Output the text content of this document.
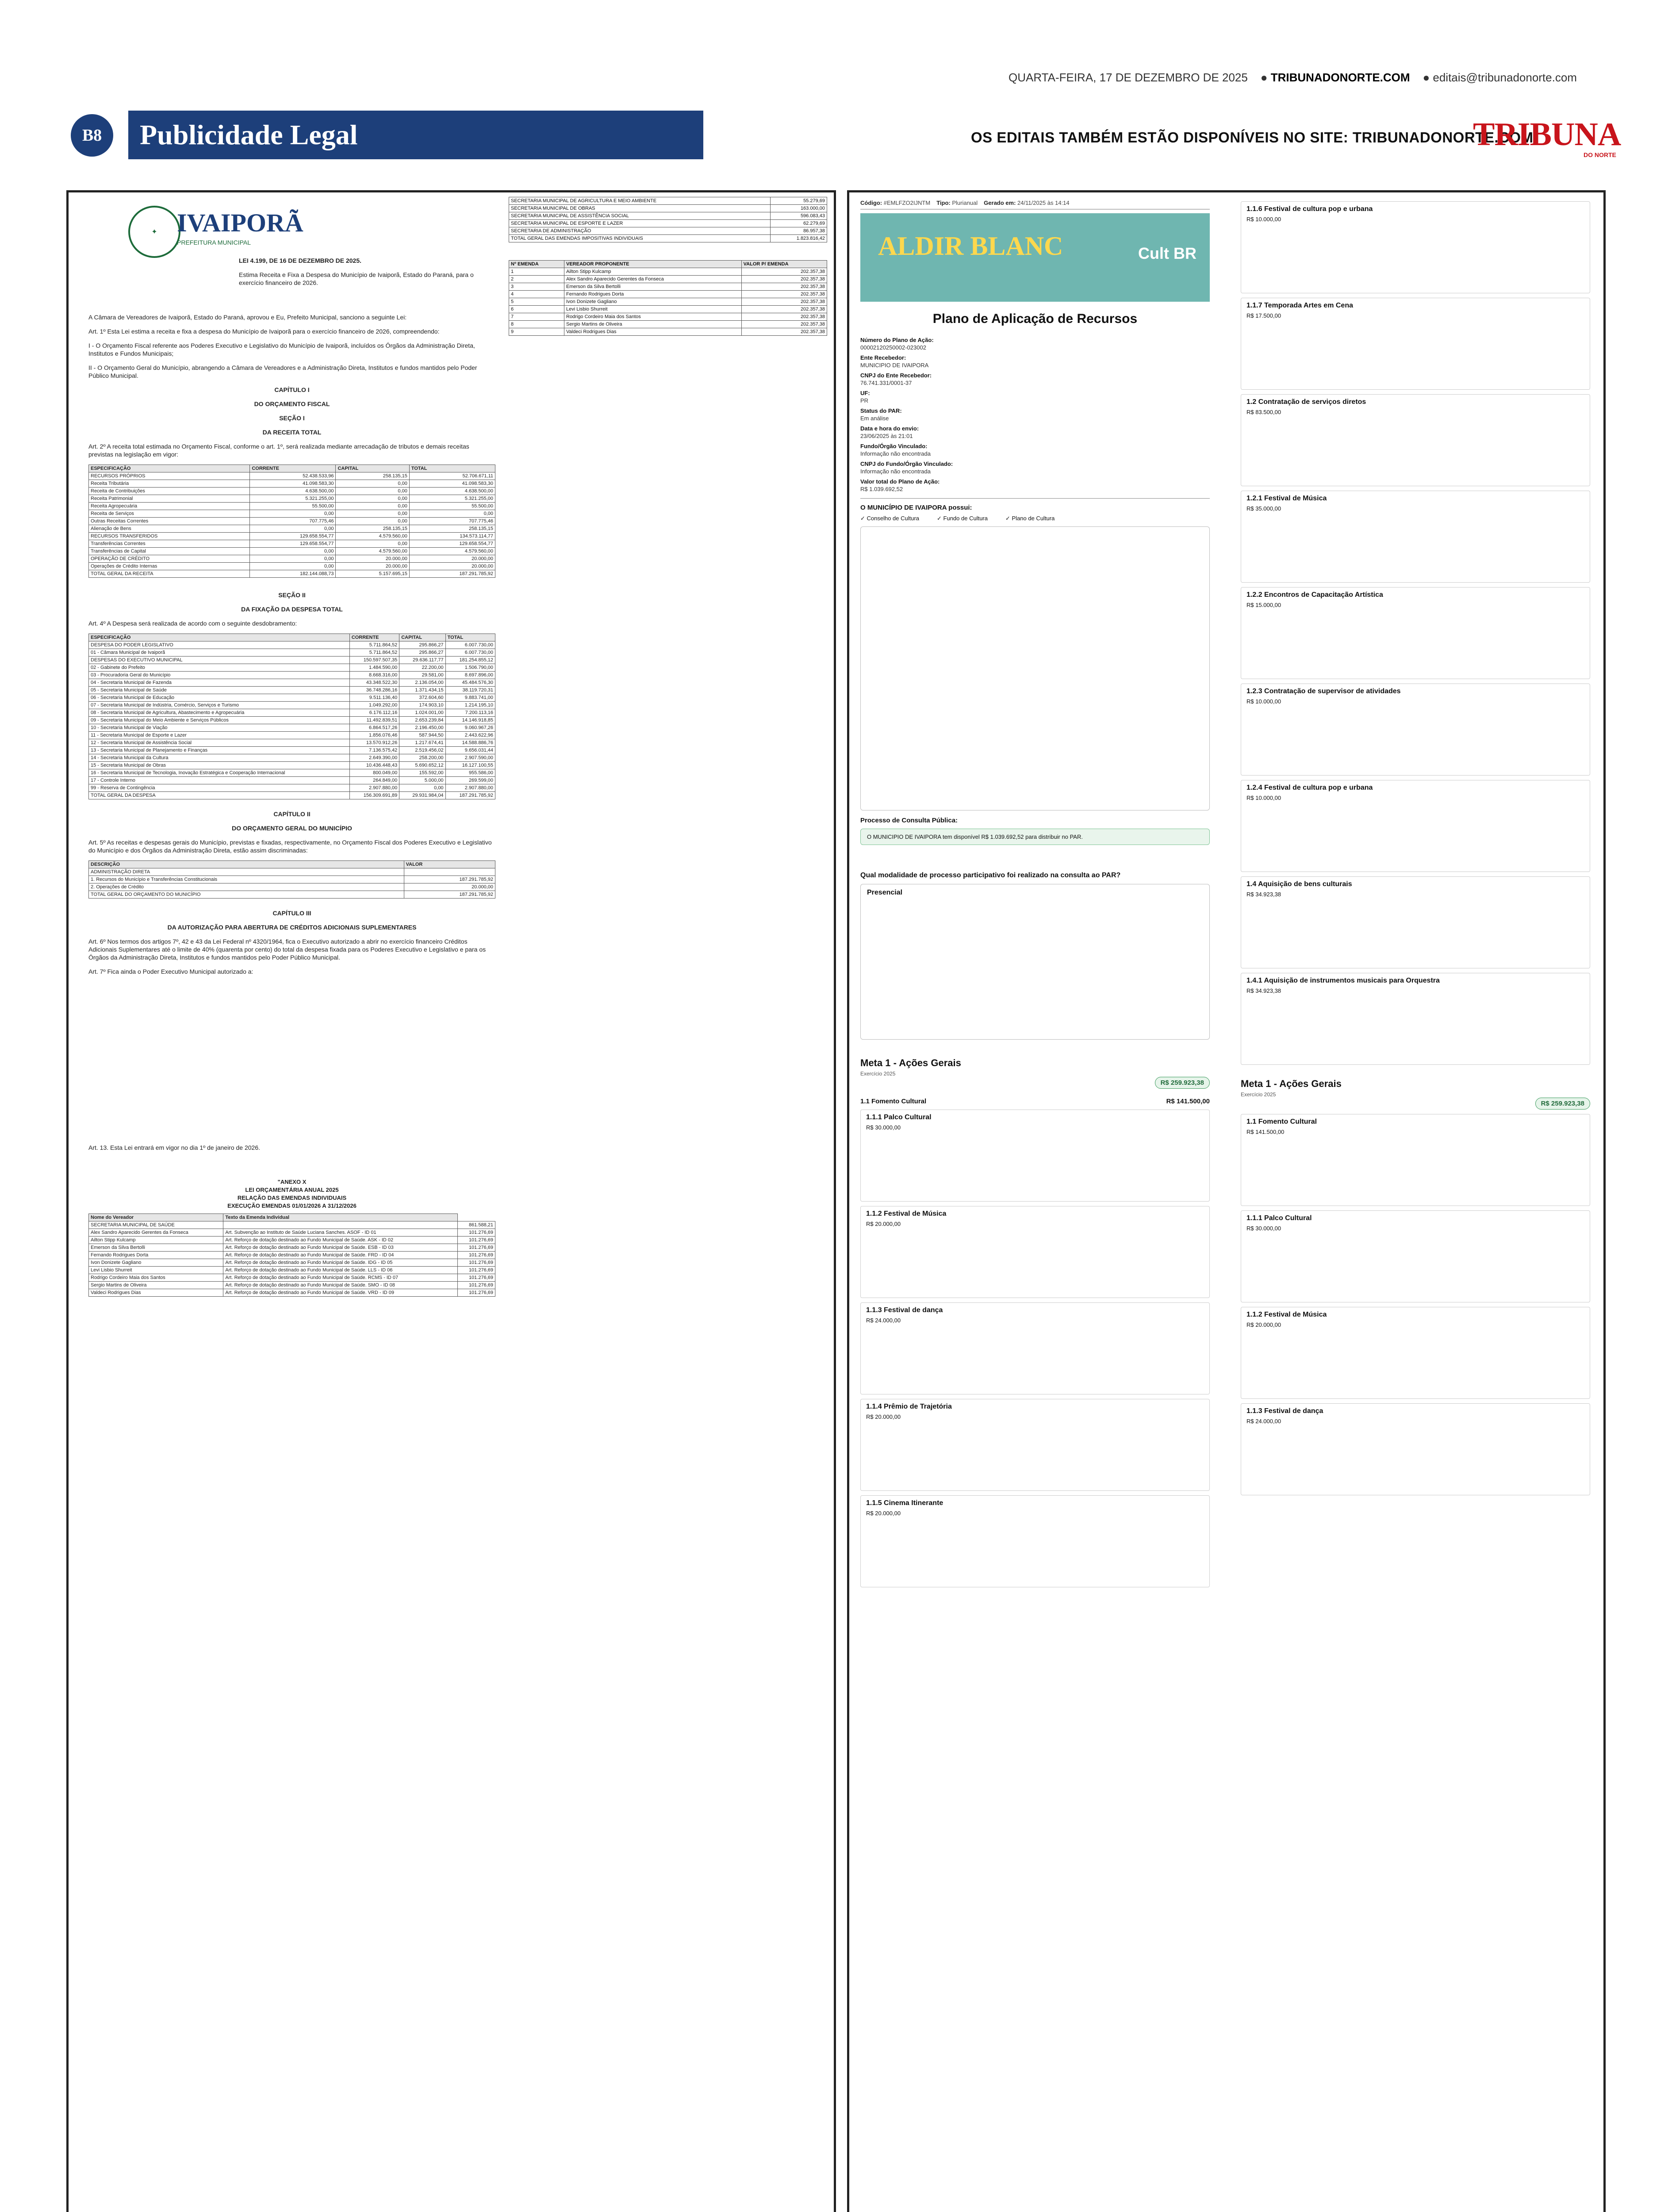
QUARTA-FEIRA, 17 DE DEZEMBRO DE 2025    ● TRIBUNADONORTE.COM    ● editais@tribunadonorte.com
B8	Publicidade Legal	OS EDITAIS TAMBÉM ESTÃO DISPONÍVEIS NO SITE: TRIBUNADONORTE.COM
TRIBUNA
DO NORTE
✦ IVAIPORÃ
PREFEITURA MUNICIPAL

LEI 4.199, DE 16 DE DEZEMBRO DE 2025.

Estima Receita e Fixa a Despesa do Município de Ivaiporã, Estado do Paraná, para o exercício financeiro de 2026.

A Câmara de Vereadores de Ivaiporã, Estado do Paraná, aprovou e Eu, Prefeito Municipal, sanciono a seguinte Lei:

Art. 1º Esta Lei estima a receita e fixa a despesa do Município de Ivaiporã para o exercício financeiro de 2026, compreendendo:

I - O Orçamento Fiscal referente aos Poderes Executivo e Legislativo do Município de Ivaiporã, incluídos os Órgãos da Administração Direta, Institutos e Fundos Municipais;

II - O Orçamento Geral do Município, abrangendo a Câmara de Vereadores e a Administração Direta, Institutos e fundos mantidos pelo Poder Público Municipal.

CAPÍTULO I

DO ORÇAMENTO FISCAL

SEÇÃO I

DA RECEITA TOTAL

Art. 2º A receita total estimada no Orçamento Fiscal, conforme o art. 1º, será realizada mediante arrecadação de tributos e demais receitas previstas na legislação em vigor:

ESPECIFICAÇÃO	CORRENTE	CAPITAL	TOTAL
RECURSOS PRÓPRIOS	52.438.533,96	258.135,15	52.706.671,11
Receita Tributária	41.098.583,30	0,00	41.098.583,30
Receita de Contribuições	4.638.500,00	0,00	4.638.500,00
Receita Patrimonial	5.321.255,00	0,00	5.321.255,00
Receita Agropecuária	55.500,00	0,00	55.500,00
Receita de Serviços	0,00	0,00	0,00
Outras Receitas Correntes	707.775,46	0,00	707.775,46
Alienação de Bens	0,00	258.135,15	258.135,15
RECURSOS TRANSFERIDOS	129.658.554,77	4.579.560,00	134.573.114,77
Transferências Correntes	129.658.554,77	0,00	129.658.554,77
Transferências de Capital	0,00	4.579.560,00	4.579.560,00
OPERAÇÃO DE CRÉDITO	0,00	20.000,00	20.000,00
Operações de Crédito Internas	0,00	20.000,00	20.000,00
TOTAL GERAL DA RECEITA	182.144.088,73	5.157.695,15	187.291.785,92

SEÇÃO II

DA FIXAÇÃO DA DESPESA TOTAL

Art. 4º A Despesa será realizada de acordo com o seguinte desdobramento:

ESPECIFICAÇÃO	CORRENTE	CAPITAL	TOTAL
DESPESA DO PODER LEGISLATIVO	5.711.864,52	295.866,27	6.007.730,00
01 - Câmara Municipal de Ivaiporã	5.711.864,52	295.866,27	6.007.730,00
DESPESAS DO EXECUTIVO MUNICIPAL	150.597.507,35	29.636.117,77	181.254.855,12
02 - Gabinete do Prefeito	1.484.590,00	22.200,00	1.506.790,00
03 - Procuradoria Geral do Município	8.668.316,00	29.581,00	8.697.896,00
04 - Secretaria Municipal de Fazenda	43.348.522,30	2.136.054,00	45.484.576,30
05 - Secretaria Municipal de Saúde	36.748.286,16	1.371.434,15	38.119.720,31
06 - Secretaria Municipal de Educação	9.511.136,40	372.604,60	9.883.741,00
07 - Secretaria Municipal de Indústria, Comércio, Serviços e Turismo	1.049.292,00	174.903,10	1.214.195,10
08 - Secretaria Municipal de Agricultura, Abastecimento e Agropecuária	6.176.112,16	1.024.001,00	7.200.113,16
09 - Secretaria Municipal do Meio Ambiente e Serviços Públicos	11.492.839,51	2.653.239,84	14.146.918,85
10 - Secretaria Municipal de Viação	6.864.517,26	2.196.450,00	9.060.967,26
11 - Secretaria Municipal de Esporte e Lazer	1.856.076,46	587.944,50	2.443.622,96
12 - Secretaria Municipal de Assistência Social	13.570.912,26	1.217.674,41	14.588.886,76
13 - Secretaria Municipal de Planejamento e Finanças	7.136.575,42	2.519.456,02	9.656.031,44
14 - Secretaria Municipal da Cultura	2.649.390,00	258.200,00	2.907.590,00
15 - Secretaria Municipal de Obras	10.436.448,43	5.690.652,12	16.127.100,55
16 - Secretaria Municipal de Tecnologia, Inovação Estratégica e Cooperação Internacional	800.049,00	155.592,00	955.586,00
17 - Controle Interno	264.849,00	5.000,00	269.599,00
99 - Reserva de Contingência	2.907.880,00	0,00	2.907.880,00
TOTAL GERAL DA DESPESA	156.309.691,89	29.931.984,04	187.291.785,92

CAPÍTULO II

DO ORÇAMENTO GERAL DO MUNICÍPIO

Art. 5º As receitas e despesas gerais do Município, previstas e fixadas, respectivamente, no Orçamento Fiscal dos Poderes Executivo e Legislativo do Município e dos Órgãos da Administração Direta, estão assim discriminadas:

DESCRIÇÃO	VALOR
ADMINISTRAÇÃO DIRETA	
1. Recursos do Município e Transferências Constitucionais	187.291.785,92
2. Operações de Crédito	20.000,00
TOTAL GERAL DO ORÇAMENTO DO MUNICÍPIO	187.291.785,92

CAPÍTULO III

DA AUTORIZAÇÃO PARA ABERTURA DE CRÉDITOS ADICIONAIS SUPLEMENTARES

Art. 6º Nos termos dos artigos 7º, 42 e 43 da Lei Federal nº 4320/1964, fica o Executivo autorizado a abrir no exercício financeiro Créditos Adicionais Suplementares até o limite de 40% (quarenta por cento) do total da despesa fixada para os Poderes Executivo e Legislativo e para os Órgãos da Administração Direta, Institutos e fundos mantidos pelo Poder Público Municipal.

Art. 7º Fica ainda o Poder Executivo Municipal autorizado a:

Art. 13. Esta Lei entrará em vigor no dia 1º de janeiro de 2026.

"ANEXO X
LEI ORÇAMENTÁRIA ANUAL 2025
RELAÇÃO DAS EMENDAS INDIVIDUAIS
EXECUÇÃO EMENDAS 01/01/2026 A 31/12/2026
Nome do Vereador	Texto da Emenda Individual	
SECRETARIA MUNICIPAL DE SAÚDE		861.588,21
Alex Sandro Aparecido Gerentes da Fonseca	Art. Subvenção ao Instituto de Saúde Luciana Sanches. ASOF - ID 01	101.276,69
Ailton Stipp Kulcamp	Art. Reforço de dotação destinado ao Fundo Municipal de Saúde. ASK - ID 02	101.276,69
Emerson da Silva Bertolli	Art. Reforço de dotação destinado ao Fundo Municipal de Saúde. ESB - ID 03	101.276,69
Fernando Rodrigues Dorta	Art. Reforço de dotação destinado ao Fundo Municipal de Saúde. FRD - ID 04	101.276,69
Ivon Donizete Gagliano	Art. Reforço de dotação destinado ao Fundo Municipal de Saúde. IDG - ID 05	101.276,69
Levi Lisbio Shurreit	Art. Reforço de dotação destinado ao Fundo Municipal de Saúde. LLS - ID 06	101.276,69
Rodrigo Cordeiro Maia dos Santos	Art. Reforço de dotação destinado ao Fundo Municipal de Saúde. RCMS - ID 07	101.276,69
Sergio Martins de Oliveira	Art. Reforço de dotação destinado ao Fundo Municipal de Saúde. SMO - ID 08	101.276,69
Valdeci Rodrigues Dias	Art. Reforço de dotação destinado ao Fundo Municipal de Saúde. VRD - ID 09	101.276,69
SECRETARIA MUNICIPAL DE AGRICULTURA E MEIO AMBIENTE	55.279,69
SECRETARIA MUNICIPAL DE OBRAS	163.000,00
SECRETARIA MUNICIPAL DE ASSISTÊNCIA SOCIAL	596.083,43
SECRETARIA MUNICIPAL DE ESPORTE E LAZER	62.279,69
SECRETARIA DE ADMINISTRAÇÃO	86.957,38
TOTAL GERAL DAS EMENDAS IMPOSITIVAS INDIVIDUAIS	1.823.816,42
Nº EMENDA	VEREADOR PROPONENTE	VALOR P/ EMENDA
1	Ailton Stipp Kulcamp	202.357,38
2	Alex Sandro Aparecido Gerentes da Fonseca	202.357,38
3	Emerson da Silva Bertolli	202.357,38
4	Fernando Rodrigues Dorta	202.357,38
5	Ivon Donizete Gagliano	202.357,38
6	Levi Lisbio Shurreit	202.357,38
7	Rodrigo Cordeiro Maia dos Santos	202.357,38
8	Sergio Martins de Oliveira	202.357,38
9	Valdeci Rodrigues Dias	202.357,38
Código: #EMLFZO2IJNTM Tipo: Plurianual Gerado em: 24/11/2025 às 14:14
ALDIR BLANC	Cult BR
Plano de Aplicação de Recursos
Número do Plano de Ação:
00002120250002-023002
Ente Recebedor:
MUNICIPIO DE IVAIPORA
CNPJ do Ente Recebedor:
76.741.331/0001-37
UF:
PR
Status do PAR:
Em análise
Data e hora do envio:
23/06/2025 às 21:01
Fundo/Órgão Vinculado:
Informação não encontrada
CNPJ do Fundo/Órgão Vinculado:
Informação não encontrada
Valor total do Plano de Ação:
R$ 1.039.692,52
O MUNICÍPIO DE IVAIPORA possui:
✓ Conselho de Cultura	✓ Fundo de Cultura	✓ Plano de Cultura
Processo de Consulta Pública:
O MUNICIPIO DE IVAIPORA tem disponível R$ 1.039.692,52 para distribuir no PAR.
Qual modalidade de processo participativo foi realizado na consulta ao PAR?
Presencial
Meta 1 - Ações Gerais
Exercício 2025
R$ 259.923,38
1.1 Fomento Cultural	R$ 141.500,00
1.1.1 Palco Cultural
R$ 30.000,00
1.1.2 Festival de Música
R$ 20.000,00
1.1.3 Festival de dança
R$ 24.000,00
1.1.4 Prêmio de Trajetória
R$ 20.000,00
1.1.5 Cinema Itinerante
R$ 20.000,00
1.1.6 Festival de cultura pop e urbana
R$ 10.000,00
1.1.7 Temporada Artes em Cena
R$ 17.500,00
1.2 Contratação de serviços diretos
R$ 83.500,00
1.2.1 Festival de Música
R$ 35.000,00
1.2.2 Encontros de Capacitação Artística
R$ 15.000,00
1.2.3 Contratação de supervisor de atividades
R$ 10.000,00
1.2.4 Festival de cultura pop e urbana
R$ 10.000,00
1.4 Aquisição de bens culturais
R$ 34.923,38
1.4.1 Aquisição de instrumentos musicais para Orquestra
R$ 34.923,38
Meta 1 - Ações Gerais
Exercício 2025
R$ 259.923,38
1.1 Fomento Cultural
R$ 141.500,00
1.1.1 Palco Cultural
R$ 30.000,00
1.1.2 Festival de Música
R$ 20.000,00
1.1.3 Festival de dança
R$ 24.000,00
